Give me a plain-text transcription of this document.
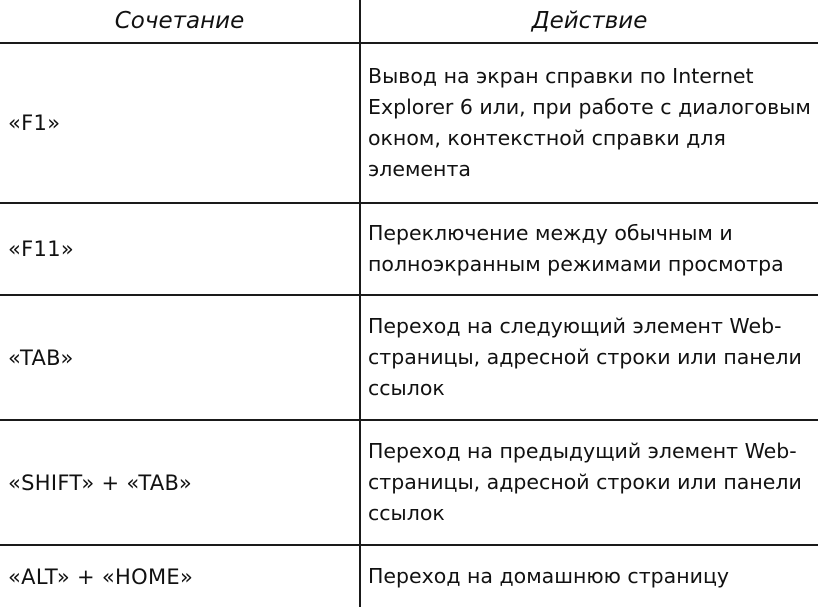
Сочетание	Действие
«F1»	Вывод на экран справки по Internet Explorer 6 или, при работе с диалоговым окном, контекстной справки для элемента
«F11»	Переключение между обычным и полноэкранным режимами просмотра
«TAB»	Переход на следующий элемент Web-страницы, адресной строки или панели ссылок
«SHIFT» + «TAB»	Переход на предыдущий элемент Web-страницы, адресной строки или панели ссылок
«ALT» + «HOME»	Переход на домашнюю страницу
